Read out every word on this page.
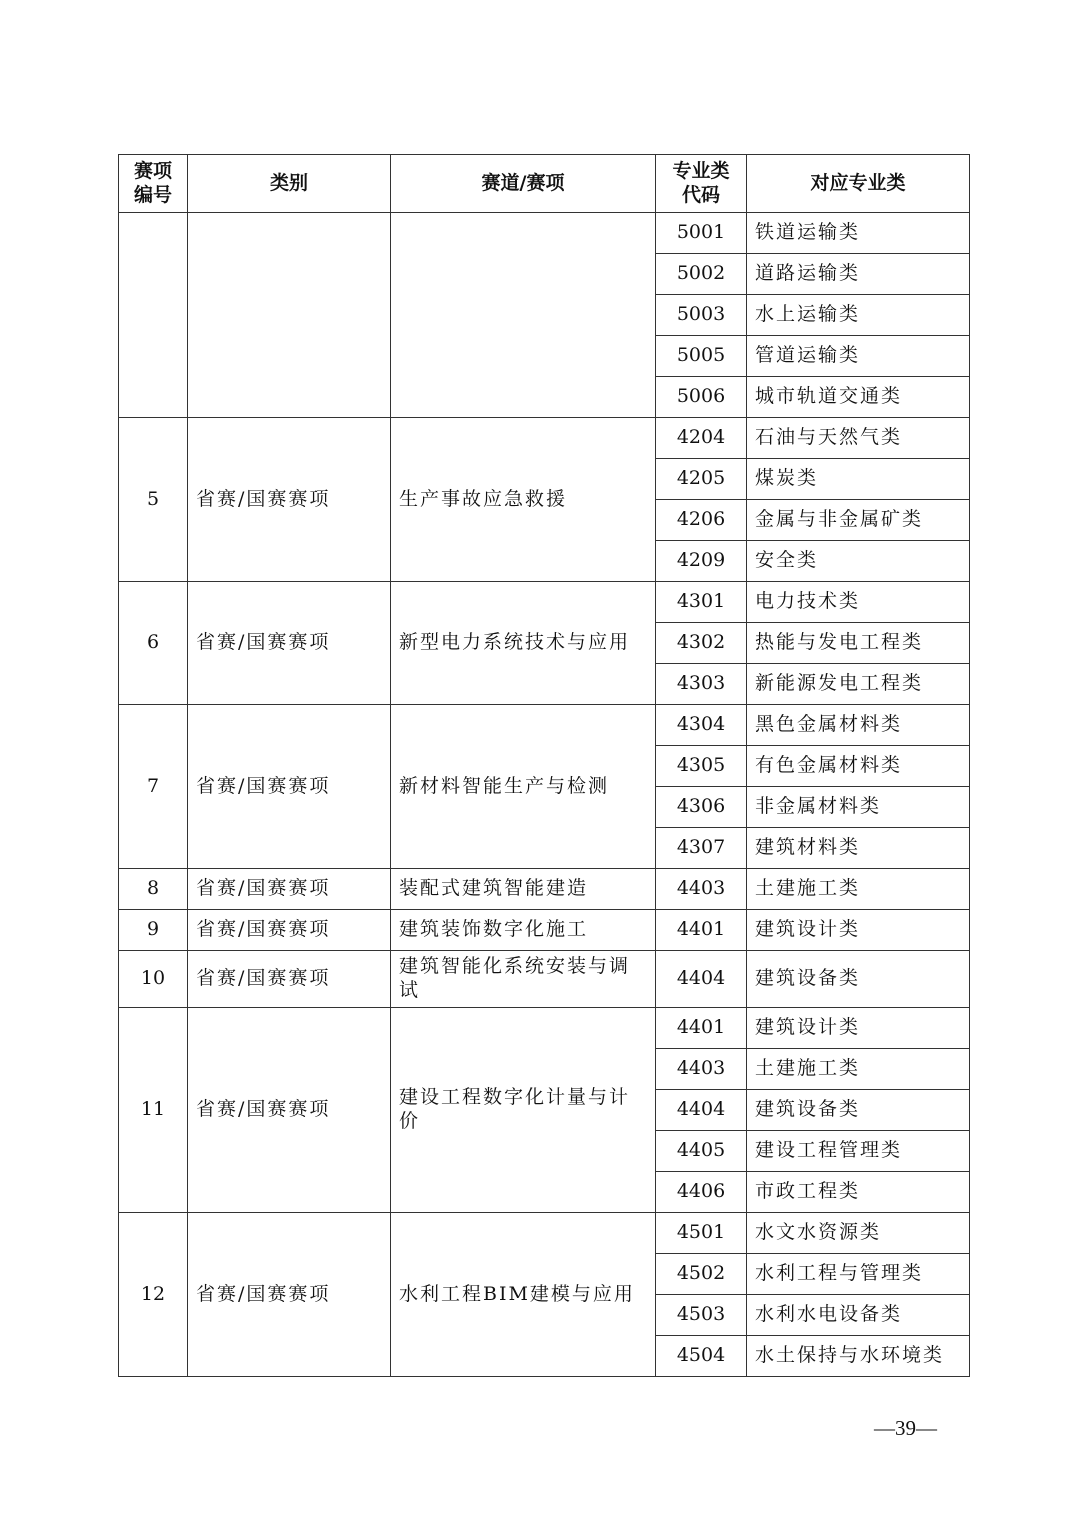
赛项编号	类别	赛道/赛项	专业类代码	对应专业类
			5001	铁道运输类
			5002	道路运输类
			5003	水上运输类
			5005	管道运输类
			5006	城市轨道交通类
5	省赛/国赛赛项	生产事故应急救援	4204	石油与天然气类
			4205	煤炭类
			4206	金属与非金属矿类
			4209	安全类
6	省赛/国赛赛项	新型电力系统技术与应用	4301	电力技术类
			4302	热能与发电工程类
			4303	新能源发电工程类
7	省赛/国赛赛项	新材料智能生产与检测	4304	黑色金属材料类
			4305	有色金属材料类
			4306	非金属材料类
			4307	建筑材料类
8	省赛/国赛赛项	装配式建筑智能建造	4403	土建施工类
9	省赛/国赛赛项	建筑装饰数字化施工	4401	建筑设计类
10	省赛/国赛赛项	建筑智能化系统安装与调试	4404	建筑设备类
11	省赛/国赛赛项	建设工程数字化计量与计价	4401	建筑设计类
			4403	土建施工类
			4404	建筑设备类
			4405	建设工程管理类
			4406	市政工程类
12	省赛/国赛赛项	水利工程BIM建模与应用	4501	水文水资源类
			4502	水利工程与管理类
			4503	水利水电设备类
			4504	水土保持与水环境类
—39—
